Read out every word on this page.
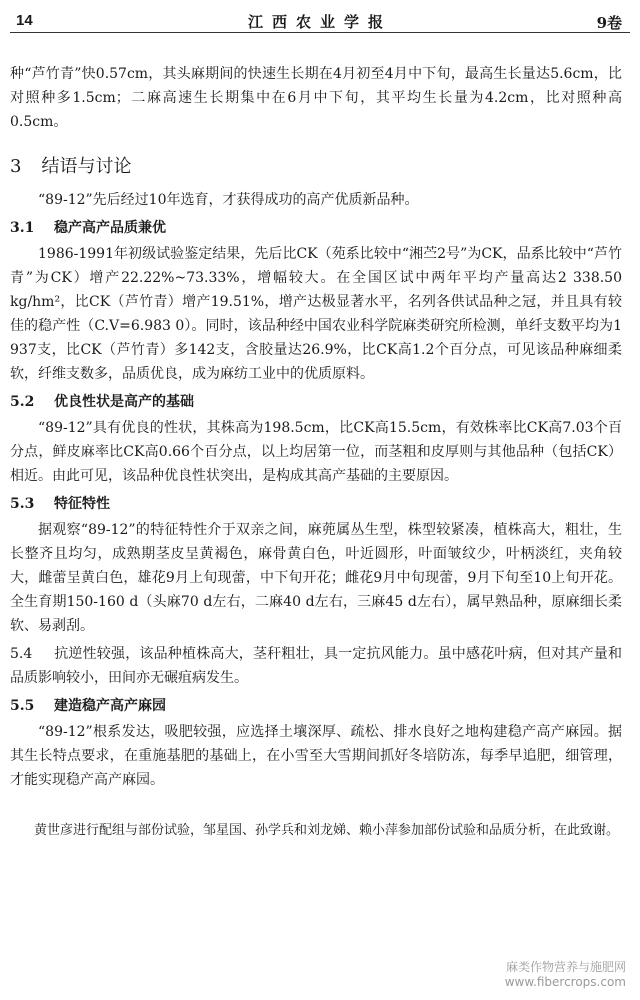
14	江西农业学报	9卷

种“芦竹青”快0.57cm，其头麻期间的快速生长期在4月初至4月中下旬，最高生长量达5.6cm，比对照种多1.5cm；二麻高速生长期集中在6月中下旬，其平均生长量为4.2cm，比对照种高0.5cm。

3 结语与讨论

“89-12”先后经过10年选育，才获得成功的高产优质新品种。

3.1 稳产高产品质兼优

1986-1991年初级试验鉴定结果，先后比CK（苑系比较中“湘苎2号”为CK，品系比较中“芦竹青”为CK）增产22.22%~73.33%，增幅较大。在全国区试中两年平均产量高达2 338.50 kg/hm²，比CK（芦竹青）增产19.51%，增产达极显著水平，名列各供试品种之冠，并且具有较佳的稳产性（C.V=6.983 0）。同时，该品种经中国农业科学院麻类研究所检测，单纤支数平均为1 937支，比CK（芦竹青）多142支，含胶量达26.9%，比CK高1.2个百分点，可见该品种麻细柔软，纤维支数多，品质优良，成为麻纺工业中的优质原料。

5.2 优良性状是高产的基础

“89-12”具有优良的性状，其株高为198.5cm，比CK高15.5cm，有效株率比CK高7.03个百分点，鲜皮麻率比CK高0.66个百分点，以上均居第一位，而茎粗和皮厚则与其他品种（包括CK）相近。由此可见，该品种优良性状突出，是构成其高产基础的主要原因。

5.3 特征特性

据观察“89-12”的特征特性介于双亲之间，麻蔸属丛生型，株型较紧凑，植株高大，粗壮，生长整齐且均匀，成熟期茎皮呈黄褐色，麻骨黄白色，叶近圆形，叶面皱纹少，叶柄淡红，夹角较大，雌蕾呈黄白色，雄花9月上旬现蕾，中下旬开花；雌花9月中旬现蕾，9月下旬至10上旬开花。全生育期150-160 d（头麻70 d左右，二麻40 d左右，三麻45 d左右），属早熟品种，原麻细长柔软、易剥刮。

5.4 抗逆性较强，该品种植株高大，茎秆粗壮，具一定抗风能力。虽中感花叶病，但对其产量和品质影响较小，田间亦无碾疽病发生。

5.5 建造稳产高产麻园

“89-12”根系发达，吸肥较强，应选择土壤深厚、疏松、排水良好之地构建稳产高产麻园。据其生长特点要求，在重施基肥的基础上，在小雪至大雪期间抓好冬培防冻，每季早追肥，细管理，才能实现稳产高产麻园。

黄世彦进行配组与部份试验，邹星国、孙学兵和刘龙娣、赖小萍参加部份试验和品质分析，在此致谢。

麻类作物营养与施肥网
www.fibercrops.com
